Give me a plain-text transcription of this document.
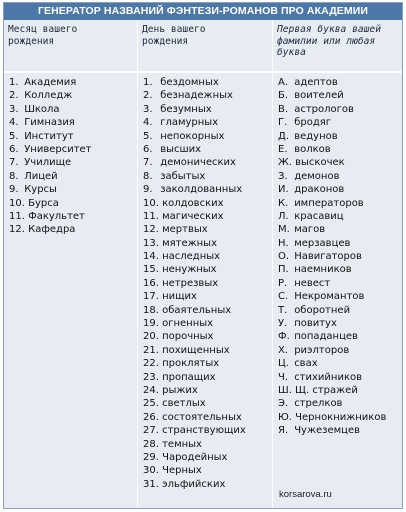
ГЕНЕРАТОР НАЗВАНИЙ ФЭНТЕЗИ-РОМАНОВ ПРО АКАДЕМИИ
Месяц вашего
рождения
1. Академия
2. Колледж
3. Школа
4. Гимназия
5. Институт
6. Университет
7. Училище
8. Лицей
9. Курсы
10. Бурса
11. Факультет
12. Кафедра
День вашего
рождения
1. бездомных
2. безнадежных
3. безумных
4. гламурных
5. непокорных
6. высших
7. демонических
8. забытых
9. заколдованных
10. колдовских
11. магических
12. мертвых
13. мятежных
14. наследных
15. ненужных
16. нетрезвых
17. нищих
18. обаятельных
19. огненных
20. порочных
21. похищенных
22. проклятых
23. пропащих
24. рыжих
25. светлых
26. состоятельных
27. странствующих
28. темных
29. Чародейных
30. Черных
31. эльфийских
Первая буква вашей
фамилии или любая
буква
А. адептов
Б. воителей
В. астрологов
Г. бродяг
Д. ведунов
Е. волков
Ж. выскочек
З. демонов
И. драконов
К. императоров
Л. красавиц
М. магов
Н. мерзавцев
О. Навигаторов
П. наемников
Р. невест
С. Некромантов
Т. оборотней
У. повитух
Ф. попаданцев
Х. риэлторов
Ц. свах
Ч. стихийников
Ш. Щ. стражей
Э. стрелков
Ю. Чернокнижников
Я. Чужеземцев
korsarova.ru
